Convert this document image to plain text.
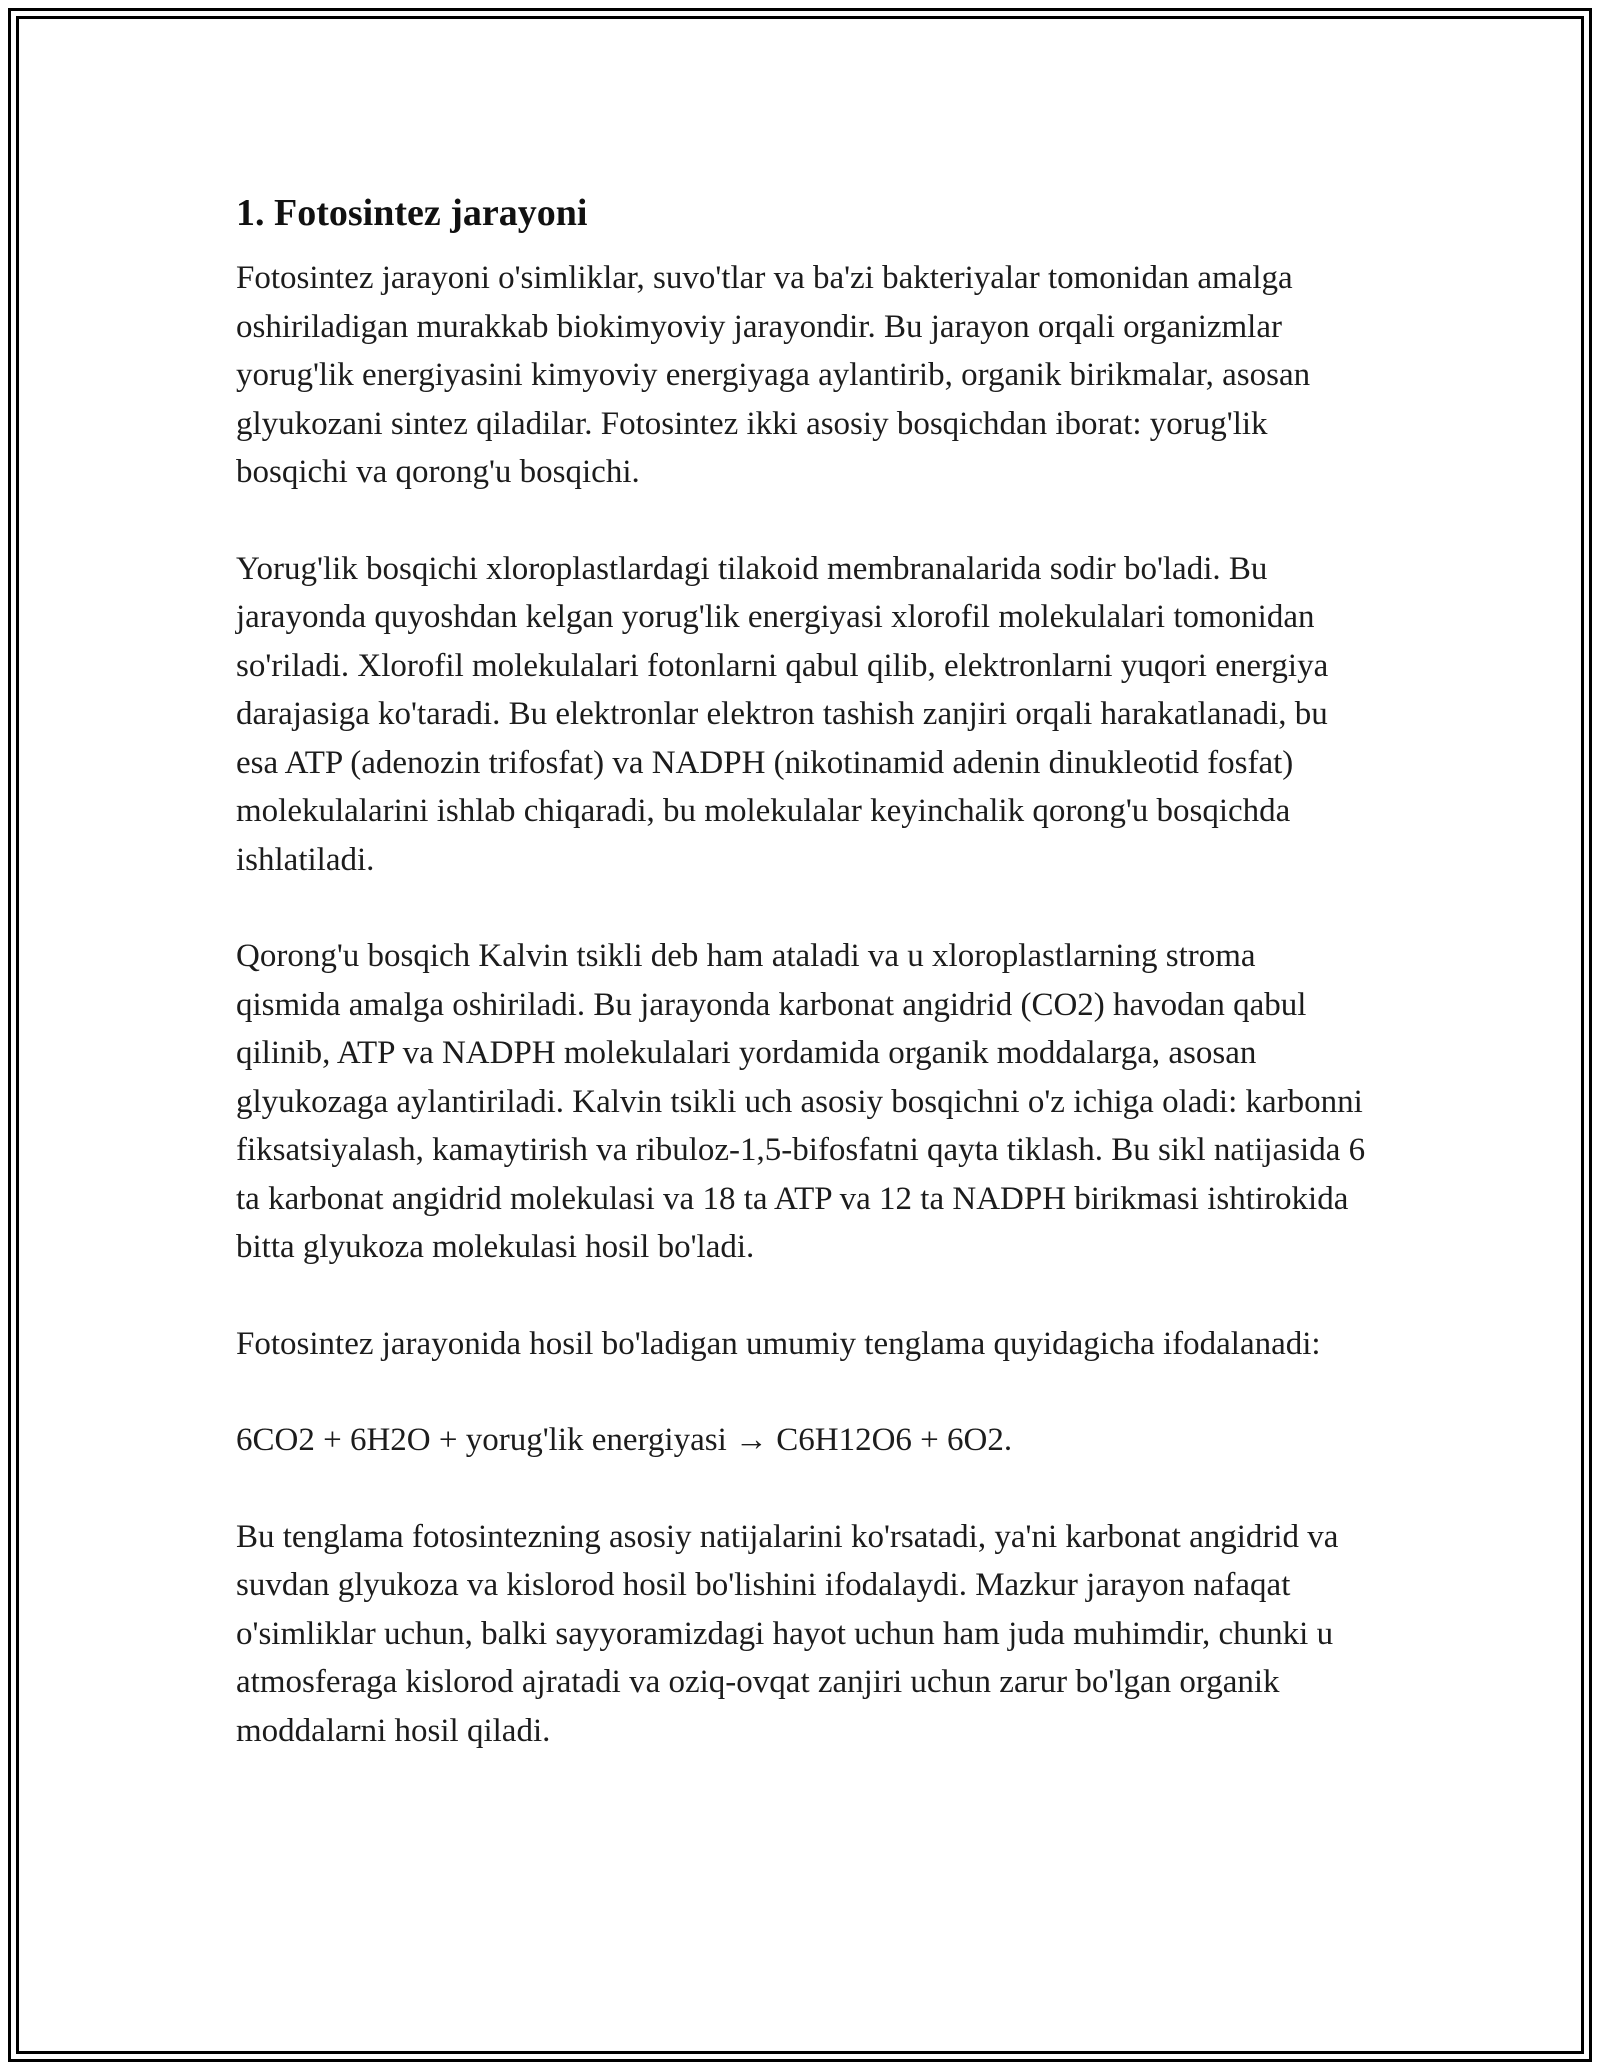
1. Fotosintez jarayoni

Fotosintez jarayoni o'simliklar, suvo'tlar va ba'zi bakteriyalar tomonidan amalga oshiriladigan murakkab biokimyoviy jarayondir. Bu jarayon orqali organizmlar yorug'lik energiyasini kimyoviy energiyaga aylantirib, organik birikmalar, asosan glyukozani sintez qiladilar. Fotosintez ikki asosiy bosqichdan iborat: yorug'lik bosqichi va qorong'u bosqichi.

Yorug'lik bosqichi xloroplastlardagi tilakoid membranalarida sodir bo'ladi. Bu jarayonda quyoshdan kelgan yorug'lik energiyasi xlorofil molekulalari tomonidan so'riladi. Xlorofil molekulalari fotonlarni qabul qilib, elektronlarni yuqori energiya darajasiga ko'taradi. Bu elektronlar elektron tashish zanjiri orqali harakatlanadi, bu esa ATP (adenozin trifosfat) va NADPH (nikotinamid adenin dinukleotid fosfat) molekulalarini ishlab chiqaradi, bu molekulalar keyinchalik qorong'u bosqichda ishlatiladi.

Qorong'u bosqich Kalvin tsikli deb ham ataladi va u xloroplastlarning stroma qismida amalga oshiriladi. Bu jarayonda karbonat angidrid (CO2) havodan qabul qilinib, ATP va NADPH molekulalari yordamida organik moddalarga, asosan glyukozaga aylantiriladi. Kalvin tsikli uch asosiy bosqichni o'z ichiga oladi: karbonni fiksatsiyalash, kamaytirish va ribuloz-1,5-bifosfatni qayta tiklash. Bu sikl natijasida 6 ta karbonat angidrid molekulasi va 18 ta ATP va 12 ta NADPH birikmasi ishtirokida bitta glyukoza molekulasi hosil bo'ladi.

Fotosintez jarayonida hosil bo'ladigan umumiy tenglama quyidagicha ifodalanadi:

6CO2 + 6H2O + yorug'lik energiyasi → C6H12O6 + 6O2.

Bu tenglama fotosintezning asosiy natijalarini ko'rsatadi, ya'ni karbonat angidrid va suvdan glyukoza va kislorod hosil bo'lishini ifodalaydi. Mazkur jarayon nafaqat o'simliklar uchun, balki sayyoramizdagi hayot uchun ham juda muhimdir, chunki u atmosferaga kislorod ajratadi va oziq-ovqat zanjiri uchun zarur bo'lgan organik moddalarni hosil qiladi.
